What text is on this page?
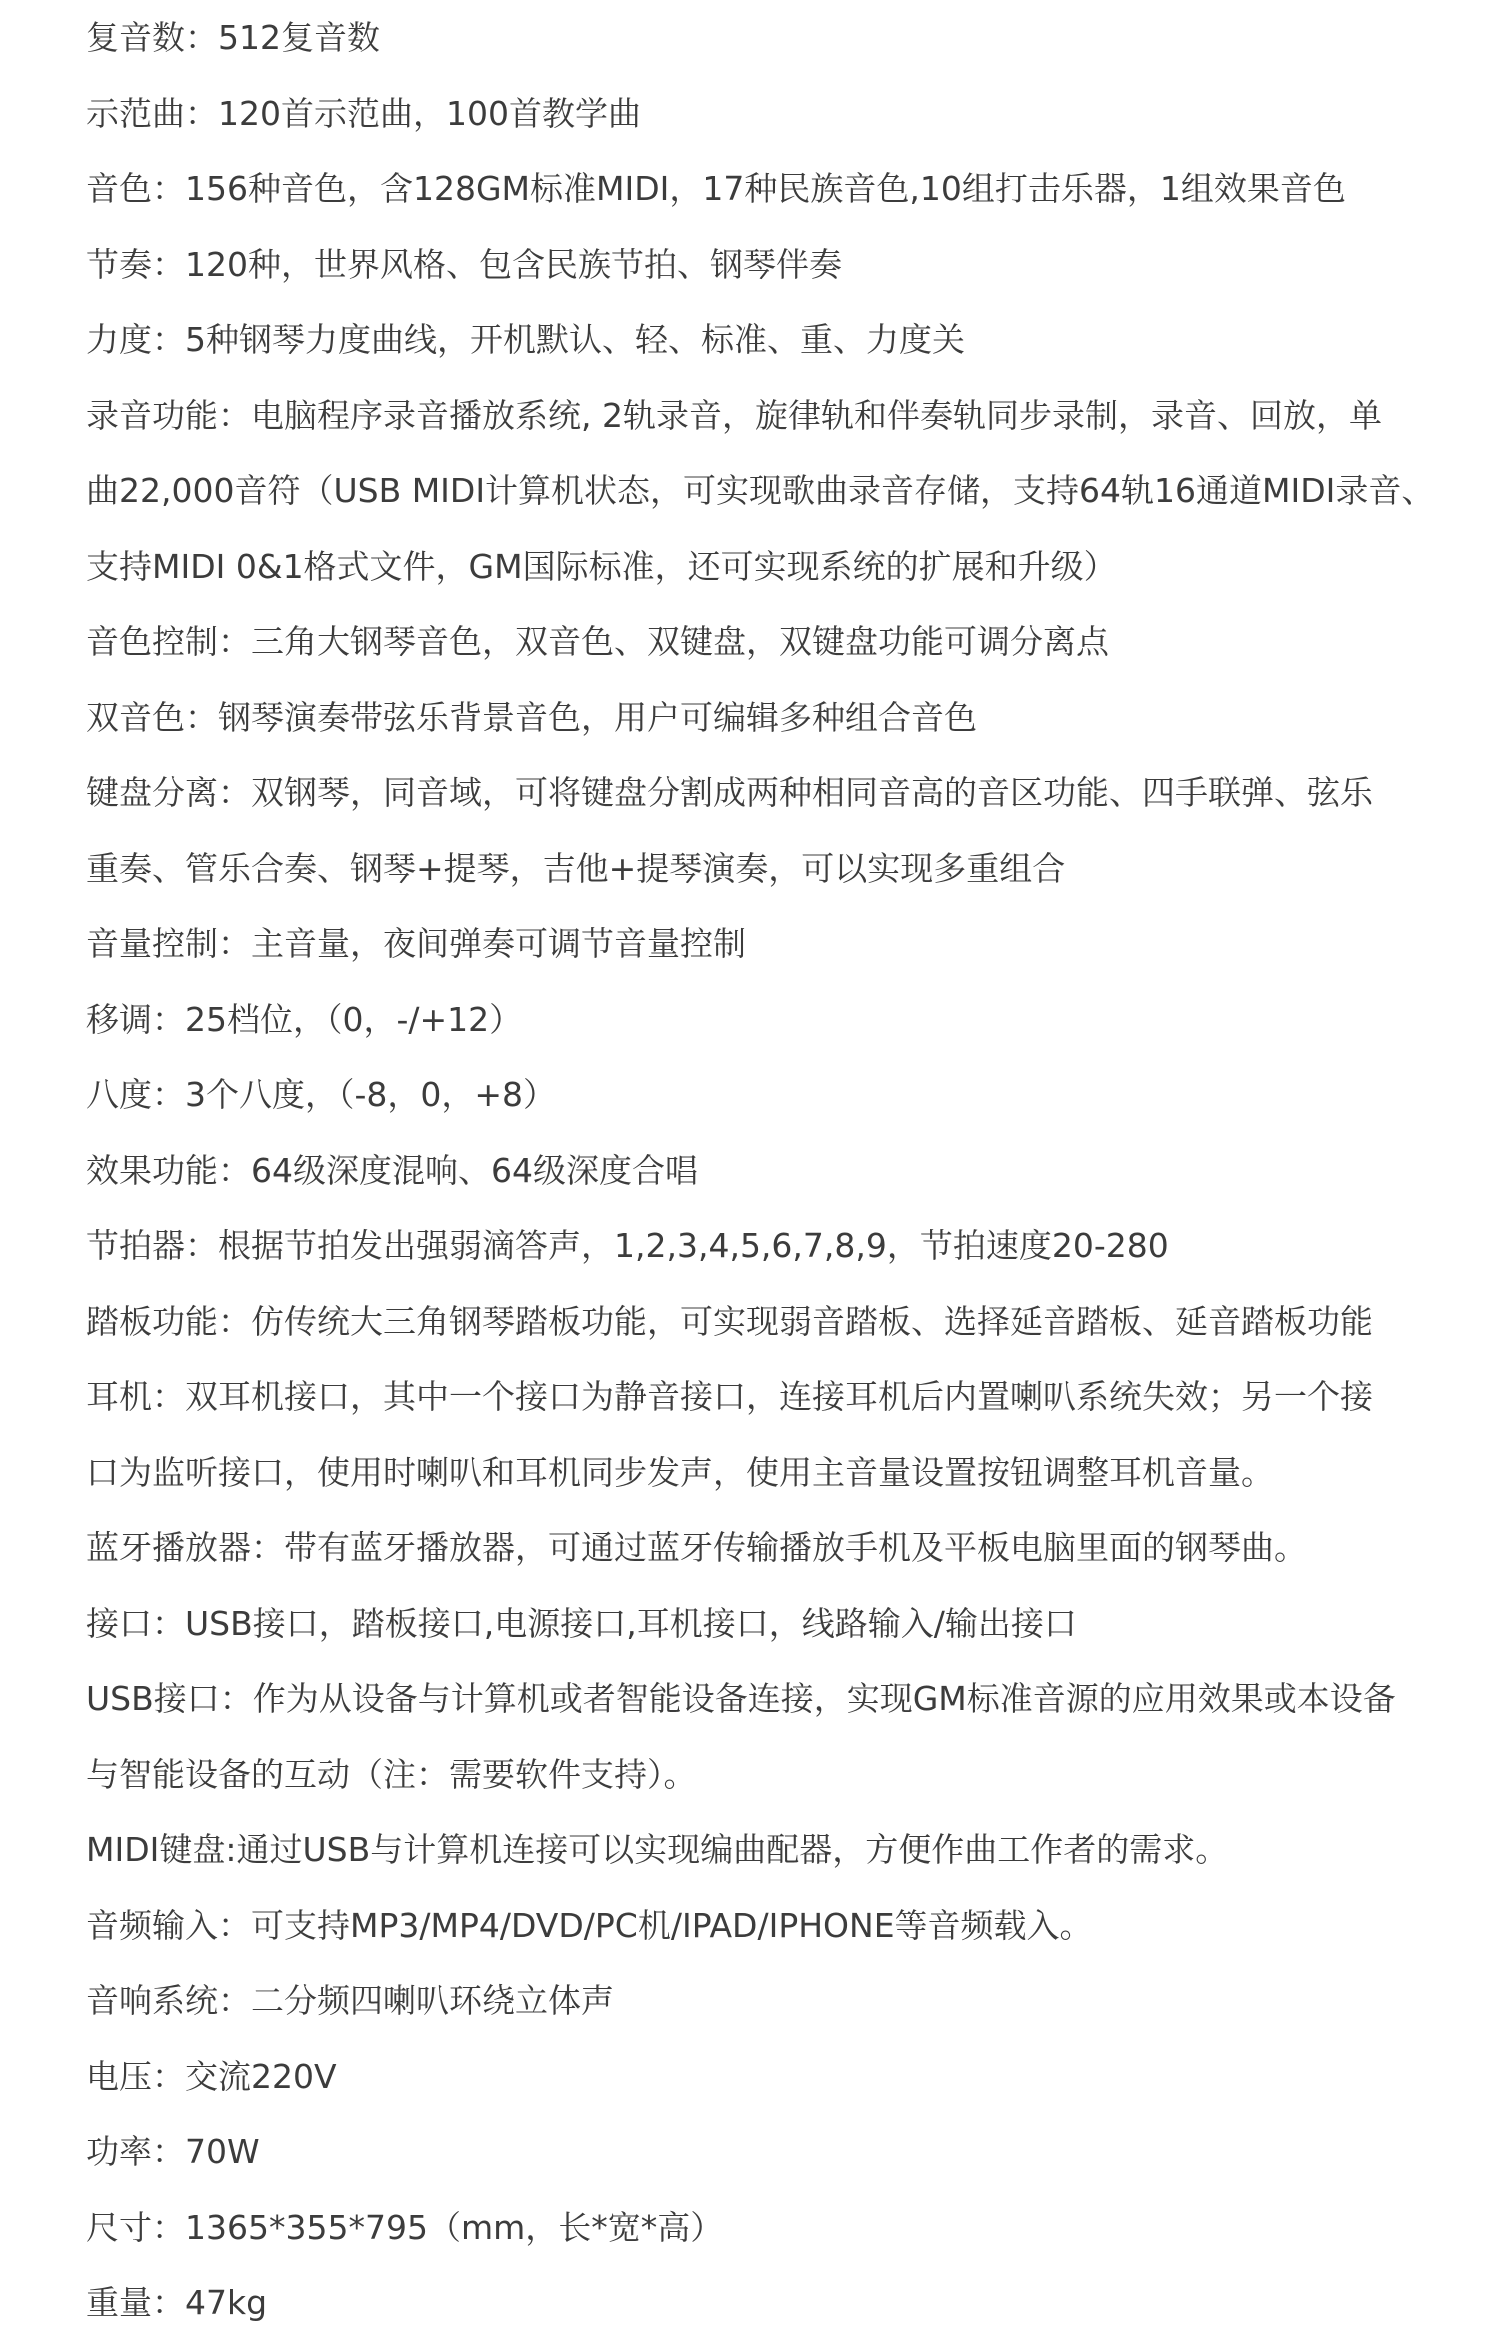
复音数：512复音数

示范曲：120首示范曲，100首教学曲

音色：156种音色，含128GM标准MIDI，17种民族音色,10组打击乐器，1组效果音色

节奏：120种，世界风格、包含民族节拍、钢琴伴奏

力度：5种钢琴力度曲线，开机默认、轻、标准、重、力度关

录音功能：电脑程序录音播放系统, 2轨录音，旋律轨和伴奏轨同步录制，录音、回放，单

曲22,000音符（USB MIDI计算机状态，可实现歌曲录音存储，支持64轨16通道MIDI录音、

支持MIDI 0&1格式文件，GM国际标准，还可实现系统的扩展和升级）

音色控制：三角大钢琴音色，双音色、双键盘，双键盘功能可调分离点

双音色：钢琴演奏带弦乐背景音色，用户可编辑多种组合音色

键盘分离：双钢琴，同音域，可将键盘分割成两种相同音高的音区功能、四手联弹、弦乐

重奏、管乐合奏、钢琴+提琴，吉他+提琴演奏，可以实现多重组合

音量控制：主音量，夜间弹奏可调节音量控制

移调：25档位，（0，-/+12）

八度：3个八度，（-8，0，+8）

效果功能：64级深度混响、64级深度合唱

节拍器：根据节拍发出强弱滴答声，1,2,3,4,5,6,7,8,9，节拍速度20-280

踏板功能：仿传统大三角钢琴踏板功能，可实现弱音踏板、选择延音踏板、延音踏板功能

耳机：双耳机接口，其中一个接口为静音接口，连接耳机后内置喇叭系统失效；另一个接

口为监听接口，使用时喇叭和耳机同步发声，使用主音量设置按钮调整耳机音量。

蓝牙播放器：带有蓝牙播放器，可通过蓝牙传输播放手机及平板电脑里面的钢琴曲。

接口：USB接口，踏板接口,电源接口,耳机接口，线路输入/输出接口

USB接口：作为从设备与计算机或者智能设备连接，实现GM标准音源的应用效果或本设备

与智能设备的互动（注：需要软件支持）。

MIDI键盘:通过USB与计算机连接可以实现编曲配器，方便作曲工作者的需求。

音频输入：可支持MP3/MP4/DVD/PC机/IPAD/IPHONE等音频载入。

音响系统：二分频四喇叭环绕立体声

电压：交流220V

功率：70W

尺寸：1365*355*795（mm，长*宽*高）

重量：47kg
